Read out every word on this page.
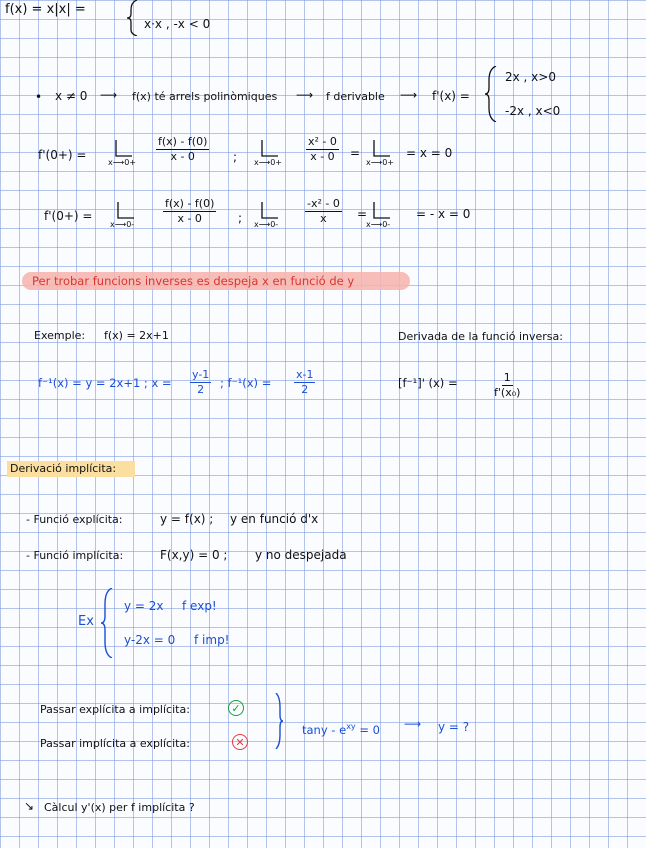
f(x) = x|x| =
x·x , -x < 0
• x ≠ 0 ⟶ f(x) té arrels polinòmiques ⟶ f derivable ⟶ f'(x) =
2x , x>0
-2x , x<0
f'(0+) =
x⟶0+ $\frac{f(x) - f(0)}{x - 0}$ ; x⟶0+ $\frac{\text{x² - 0}}{x - 0}$ =
x⟶0+
= x = 0
f'(0+) =
x⟶0-	$\frac{f(x) - f(0)}{x - 0}$ ; x⟶0- $\frac{\text{-x² - 0}}{x}$ =
x⟶0-
= - x = 0
Per trobar funcions inverses es despeja x en funció de y
Exemple: f(x) = 2x+1	Derivada de la funció inversa:
f⁻¹(x) = y = 2x+1 ; $x = \frac{y-1}{2}$ ; $f^{-1}(x) = \frac{x-1}{2}$	[f⁻¹]' (x) =	$\frac{1}{\text{f'(x₀)}}$
Derivació implícita:
- Funció explícita:	y = f(x) ; y en funció d'x
- Funció implícita:	F(x,y) = 0 ; y no despejada
Ex
y = 2x f exp!
y-2x = 0 f imp!
Passar explícita a implícita:	✓
Passar implícita a explícita:	✕
$\tan y - e^{xy} = 0$ ⟶ y = ?
↘ Càlcul y'(x) per f implícita ?
